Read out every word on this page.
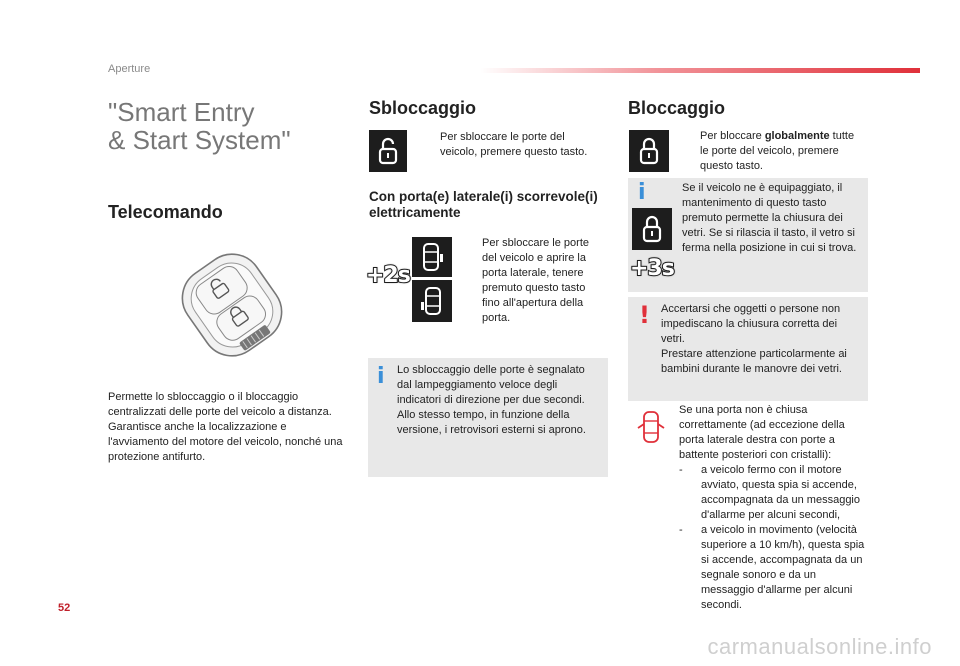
Aperture
"Smart Entry
& Start System"
Telecomando
Permette lo sbloccaggio o il bloccaggio centralizzati delle porte del veicolo a distanza. Garantisce anche la localizzazione e l'avviamento del motore del veicolo, nonché una protezione antifurto.
Sbloccaggio
Per sbloccare le porte del veicolo, premere questo tasto.
Con porta(e) laterale(i) scorrevole(i) elettricamente
+2s
Per sbloccare le porte del veicolo e aprire la porta laterale, tenere premuto questo tasto fino all'apertura della porta.
i Lo sbloccaggio delle porte è segnalato dal lampeggiamento veloce degli indicatori di direzione per due secondi. Allo stesso tempo, in funzione della versione, i retrovisori esterni si aprono.
Bloccaggio
Per bloccare globalmente tutte le porte del veicolo, premere questo tasto.
i
+3s
Se il veicolo ne è equipaggiato, il mantenimento di questo tasto premuto permette la chiusura dei vetri. Se si rilascia il tasto, il vetro si ferma nella posizione in cui si trova.
! Accertarsi che oggetti o persone non impediscano la chiusura corretta dei vetri.
Prestare attenzione particolarmente ai bambini durante le manovre dei vetri.
Se una porta non è chiusa correttamente (ad eccezione della porta laterale destra con porte a battente posteriori con cristalli):
-	a veicolo fermo con il motore avviato, questa spia si accende, accompagnata da un messaggio d'allarme per alcuni secondi,
-	a veicolo in movimento (velocità superiore a 10 km/h), questa spia si accende, accompagnata da un segnale sonoro e da un messaggio d'allarme per alcuni secondi.
52
carmanualsonline.info
